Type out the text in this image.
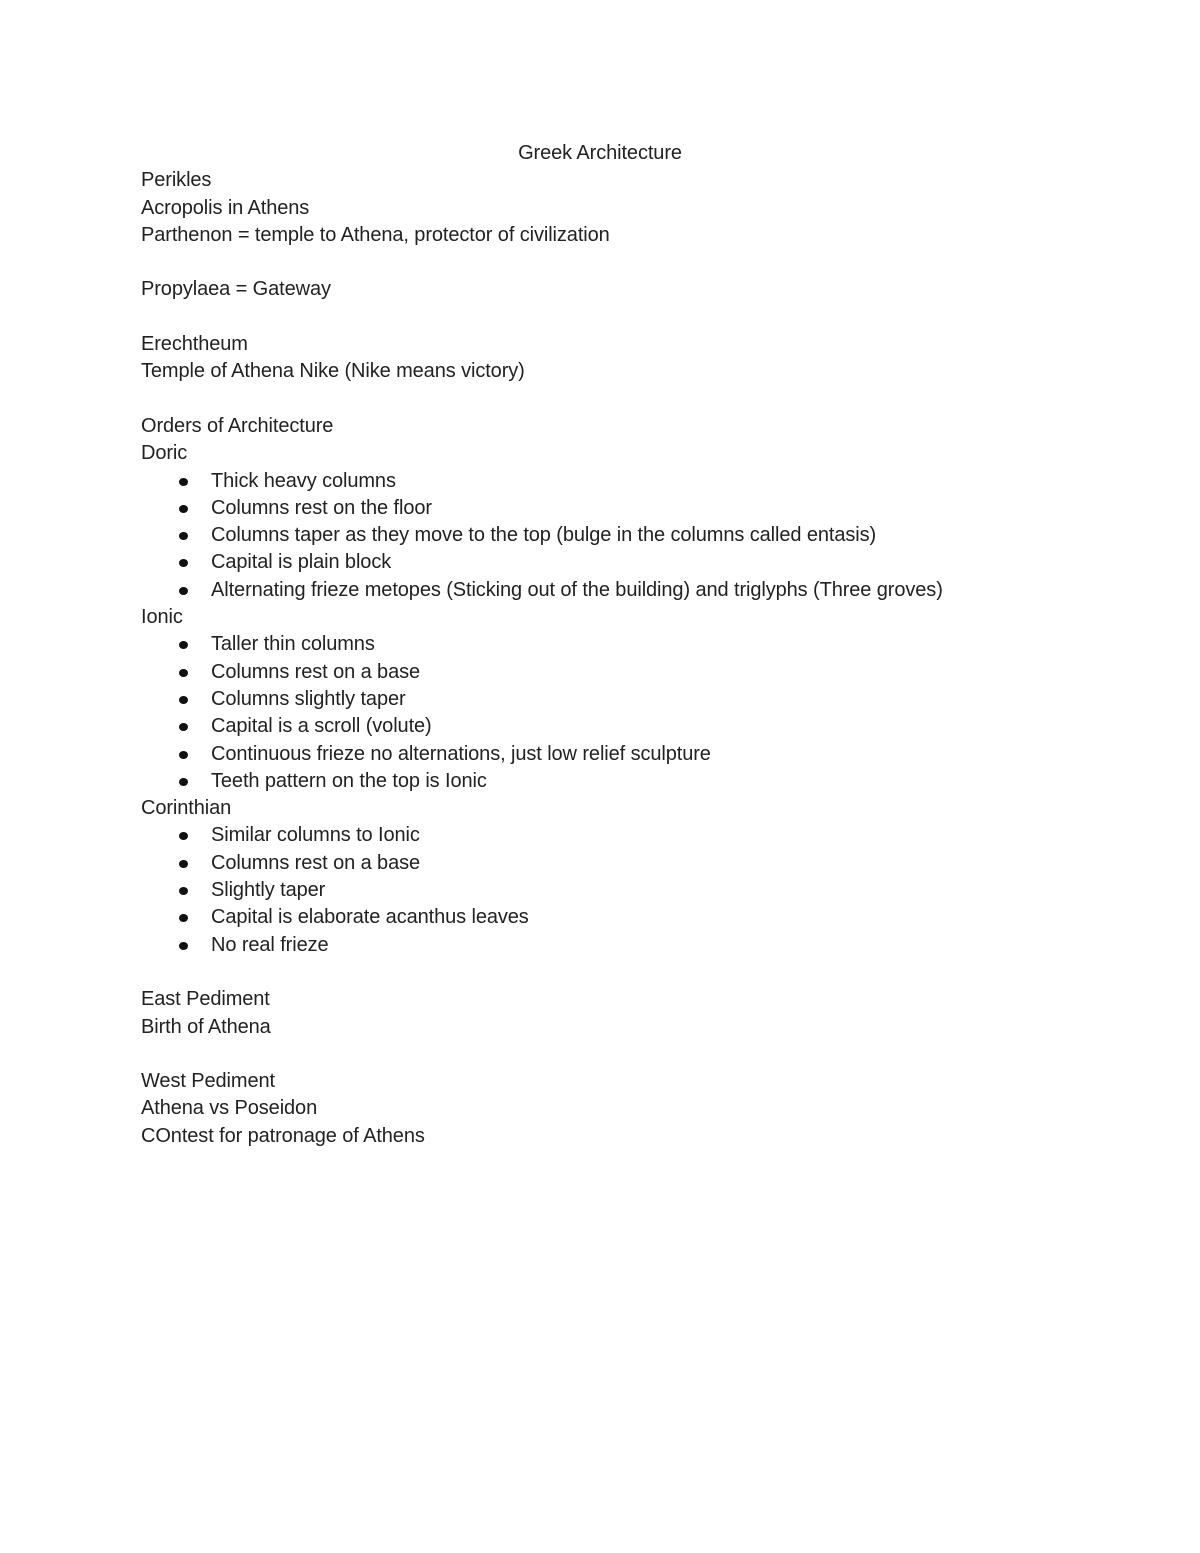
Greek Architecture

Perikles

Acropolis in Athens

Parthenon = temple to Athena, protector of civilization

Propylaea = Gateway

Erechtheum

Temple of Athena Nike (Nike means victory)

Orders of Architecture

Doric

Thick heavy columns
Columns rest on the floor
Columns taper as they move to the top (bulge in the columns called entasis)
Capital is plain block
Alternating frieze metopes (Sticking out of the building) and triglyphs (Three groves)

Ionic

Taller thin columns
Columns rest on a base
Columns slightly taper
Capital is a scroll (volute)
Continuous frieze no alternations, just low relief sculpture
Teeth pattern on the top is Ionic

Corinthian

Similar columns to Ionic
Columns rest on a base
Slightly taper
Capital is elaborate acanthus leaves
No real frieze

East Pediment

Birth of Athena

West Pediment

Athena vs Poseidon

COntest for patronage of Athens
